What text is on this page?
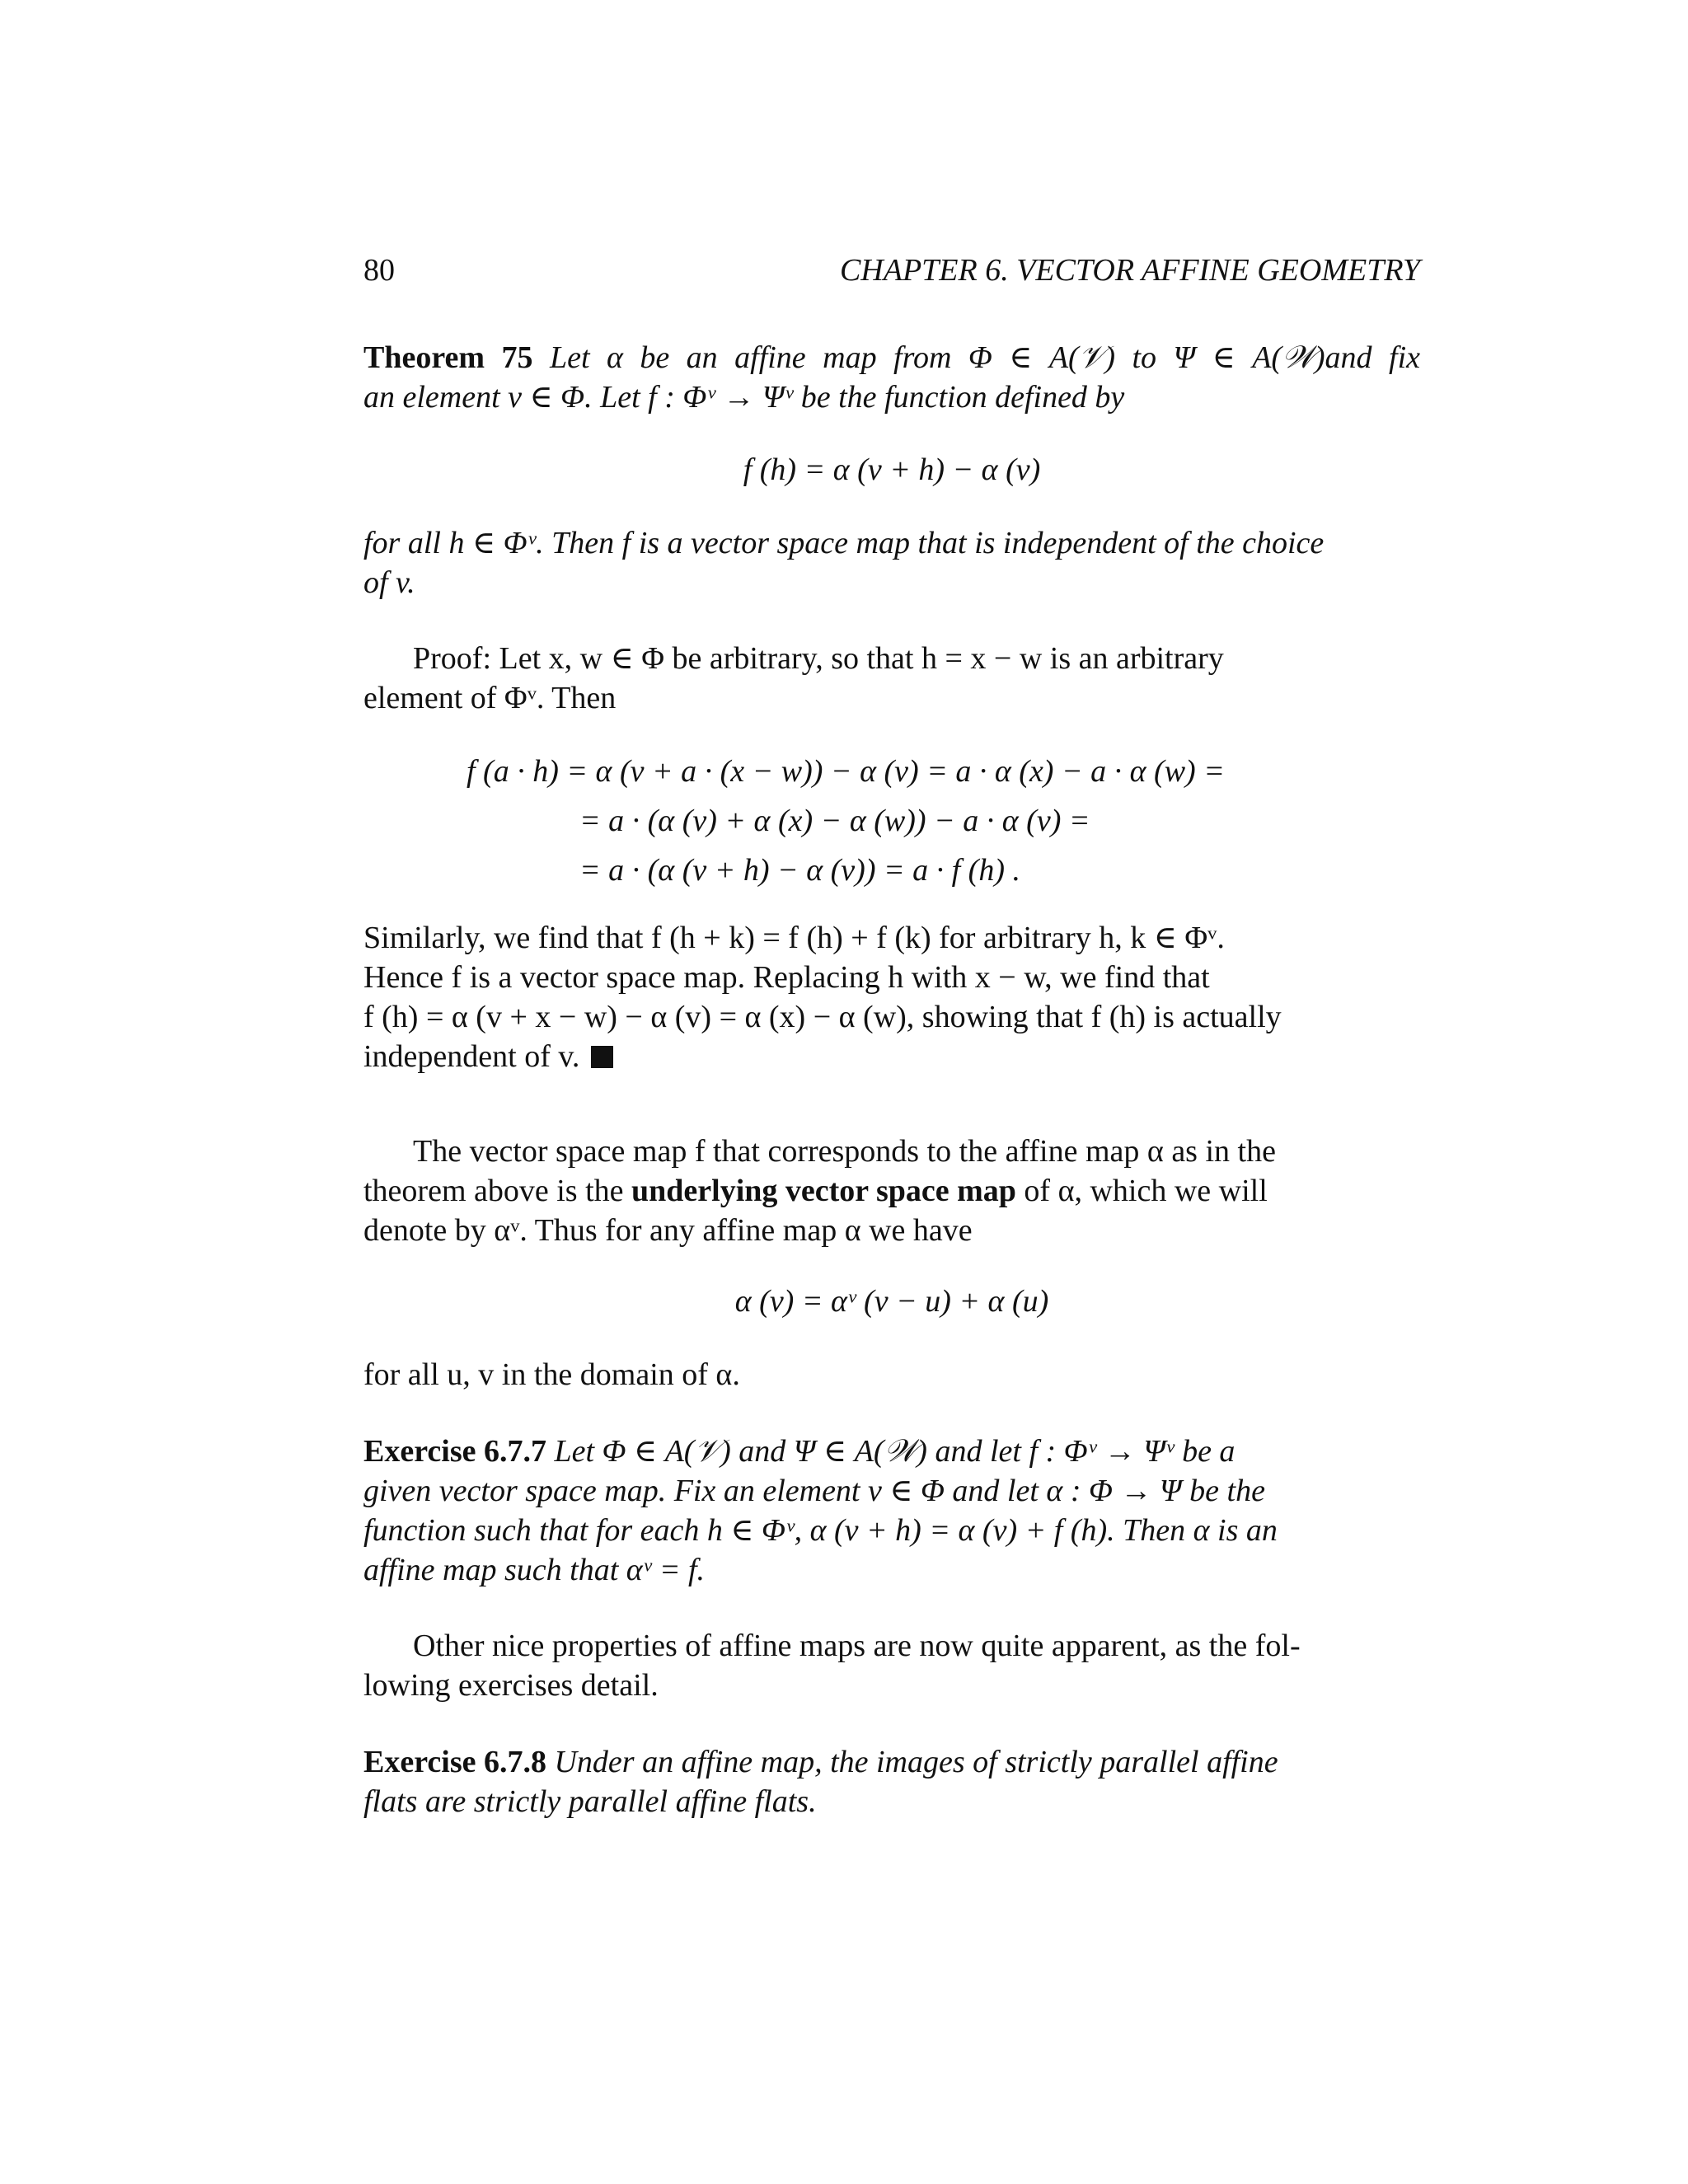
80	CHAPTER 6. VECTOR AFFINE GEOMETRY
Theorem 75 Let α be an affine map from Φ ∈ A(𝒱) to Ψ ∈ A(𝒲)and fix
an element v ∈ Φ. Let f : Φᵛ → Ψᵛ be the function defined by
f (h) = α (v + h) − α (v)
for all h ∈ Φᵛ. Then f is a vector space map that is independent of the choice
of v.
Proof: Let x, w ∈ Φ be arbitrary, so that h = x − w is an arbitrary
element of Φᵛ. Then
f (a · h) = α (v + a · (x − w)) − α (v) = a · α (x) − a · α (w) =
= a · (α (v) + α (x) − α (w)) − a · α (v) =
= a · (α (v + h) − α (v)) = a · f (h) .
Similarly, we find that f (h + k) = f (h) + f (k) for arbitrary h, k ∈ Φᵛ.
Hence f is a vector space map. Replacing h with x − w, we find that
f (h) = α (v + x − w) − α (v) = α (x) − α (w), showing that f (h) is actually
independent of v.
The vector space map f that corresponds to the affine map α as in the
theorem above is the underlying vector space map of α, which we will
denote by αᵛ. Thus for any affine map α we have
α (v) = αᵛ (v − u) + α (u)
for all u, v in the domain of α.
Exercise 6.7.7 Let Φ ∈ A(𝒱) and Ψ ∈ A(𝒲) and let f : Φᵛ → Ψᵛ be a
given vector space map. Fix an element v ∈ Φ and let α : Φ → Ψ be the
function such that for each h ∈ Φᵛ, α (v + h) = α (v) + f (h). Then α is an
affine map such that αᵛ = f.
Other nice properties of affine maps are now quite apparent, as the fol-
lowing exercises detail.
Exercise 6.7.8 Under an affine map, the images of strictly parallel affine
flats are strictly parallel affine flats.
